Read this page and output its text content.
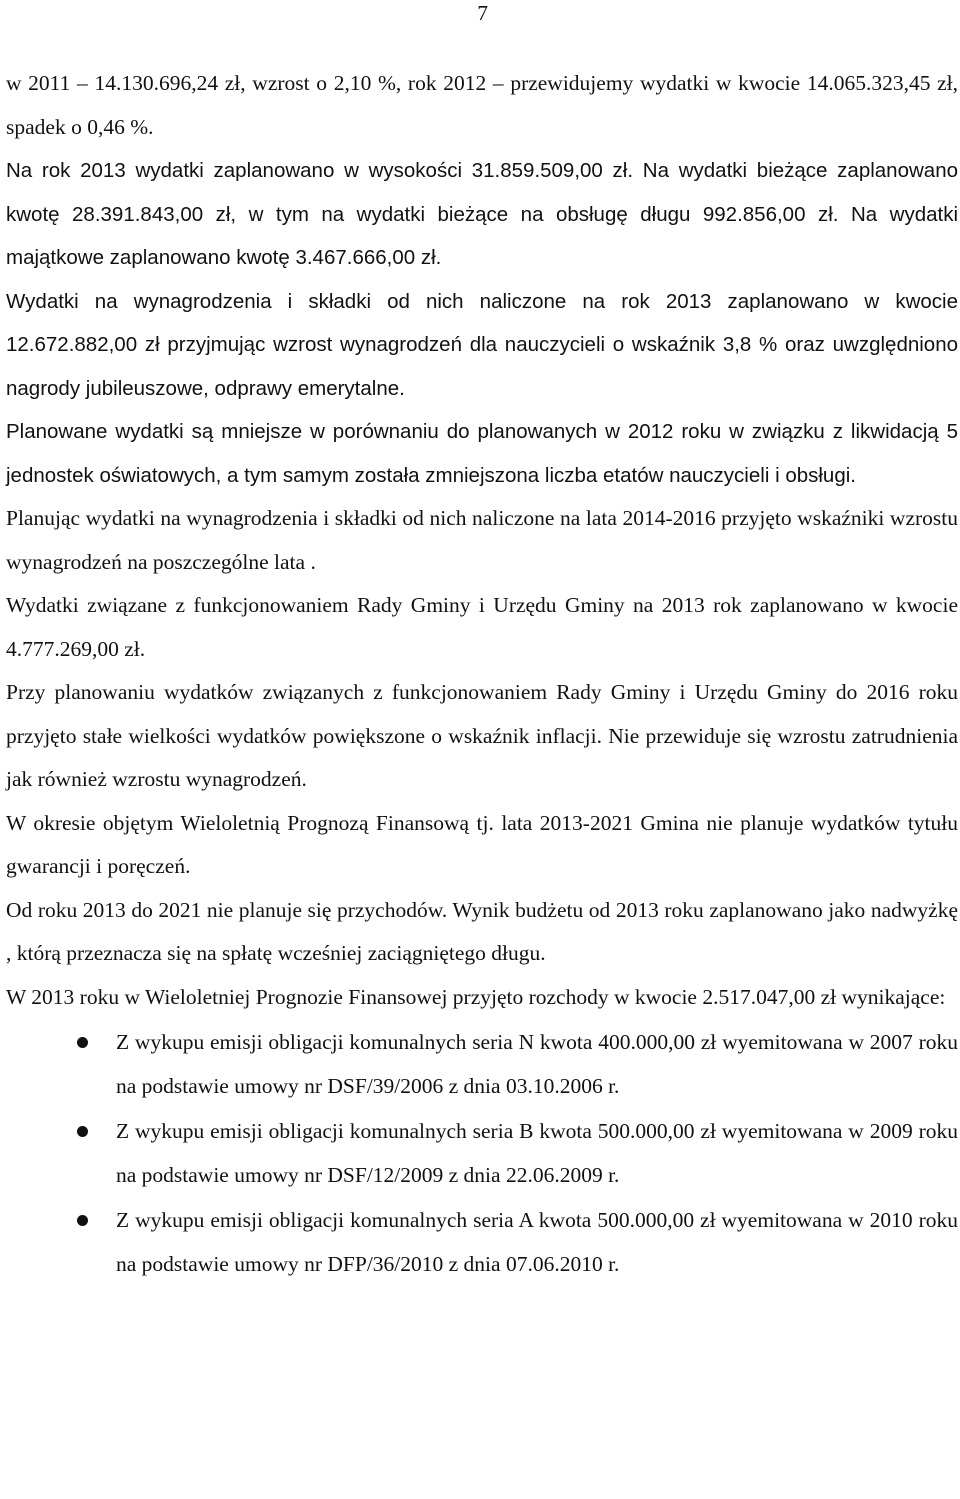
7

w 2011 – 14.130.696,24 zł, wzrost o 2,10 %, rok 2012 – przewidujemy wydatki w kwocie 14.065.323,45 zł, spadek o 0,46 %.

Na rok 2013 wydatki zaplanowano w wysokości 31.859.509,00 zł. Na wydatki bieżące zaplanowano kwotę 28.391.843,00 zł, w tym na wydatki bieżące na obsługę długu 992.856,00 zł. Na wydatki majątkowe zaplanowano kwotę 3.467.666,00 zł.

Wydatki na wynagrodzenia i składki od nich naliczone na rok 2013 zaplanowano w kwocie 12.672.882,00 zł przyjmując wzrost wynagrodzeń dla nauczycieli o wskaźnik 3,8 % oraz uwzględniono nagrody jubileuszowe, odprawy emerytalne.

Planowane wydatki są mniejsze w porównaniu do planowanych w 2012 roku w związku z likwidacją 5 jednostek oświatowych, a tym samym została zmniejszona liczba etatów nauczycieli i obsługi.

Planując wydatki na wynagrodzenia i składki od nich naliczone na lata 2014-2016 przyjęto wskaźniki wzrostu wynagrodzeń na poszczególne lata .

Wydatki związane z funkcjonowaniem Rady Gminy i Urzędu Gminy na 2013 rok zaplanowano w kwocie 4.777.269,00 zł.

Przy planowaniu wydatków związanych z funkcjonowaniem Rady Gminy i Urzędu Gminy do 2016 roku przyjęto stałe wielkości wydatków powiększone o wskaźnik inflacji. Nie przewiduje się wzrostu zatrudnienia jak również wzrostu wynagrodzeń.

W okresie objętym Wieloletnią Prognozą Finansową tj. lata 2013-2021 Gmina nie planuje wydatków tytułu gwarancji i poręczeń.

Od roku 2013 do 2021 nie planuje się przychodów. Wynik budżetu od 2013 roku zaplanowano jako nadwyżkę , którą przeznacza się na spłatę wcześniej zaciągniętego długu.

W 2013 roku w Wieloletniej Prognozie Finansowej przyjęto rozchody w kwocie 2.517.047,00 zł wynikające:

Z wykupu emisji obligacji komunalnych seria N kwota 400.000,00 zł wyemitowana w 2007 roku na podstawie umowy nr DSF/39/2006 z dnia 03.10.2006 r.

Z wykupu emisji obligacji komunalnych seria B kwota 500.000,00 zł wyemitowana w 2009 roku na podstawie umowy nr DSF/12/2009 z dnia 22.06.2009 r.

Z wykupu emisji obligacji komunalnych seria A kwota 500.000,00 zł wyemitowana w 2010 roku na podstawie umowy nr DFP/36/2010 z dnia 07.06.2010 r.
